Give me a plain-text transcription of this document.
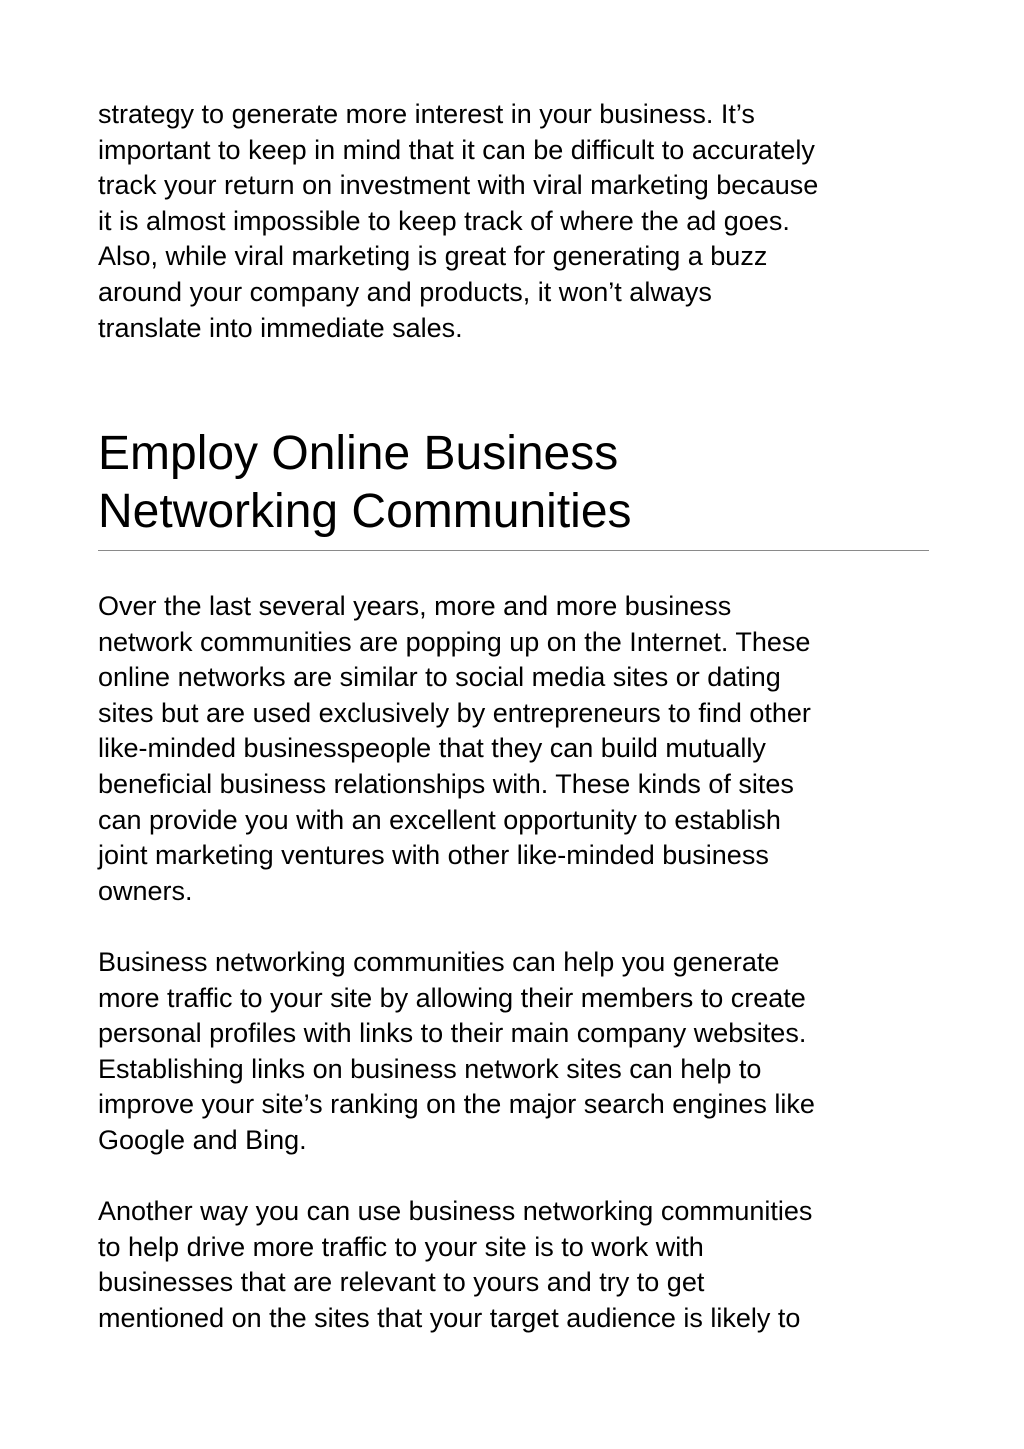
strategy to generate more interest in your business. It’s
important to keep in mind that it can be difficult to accurately
track your return on investment with viral marketing because
it is almost impossible to keep track of where the ad goes.
Also, while viral marketing is great for generating a buzz
around your company and products, it won’t always
translate into immediate sales.

Employ Online Business
Networking Communities

Over the last several years, more and more business
network communities are popping up on the Internet. These
online networks are similar to social media sites or dating
sites but are used exclusively by entrepreneurs to find other
like-minded businesspeople that they can build mutually
beneficial business relationships with. These kinds of sites
can provide you with an excellent opportunity to establish
joint marketing ventures with other like-minded business
owners.

Business networking communities can help you generate
more traffic to your site by allowing their members to create
personal profiles with links to their main company websites.
Establishing links on business network sites can help to
improve your site’s ranking on the major search engines like
Google and Bing.

Another way you can use business networking communities
to help drive more traffic to your site is to work with
businesses that are relevant to yours and try to get
mentioned on the sites that your target audience is likely to
